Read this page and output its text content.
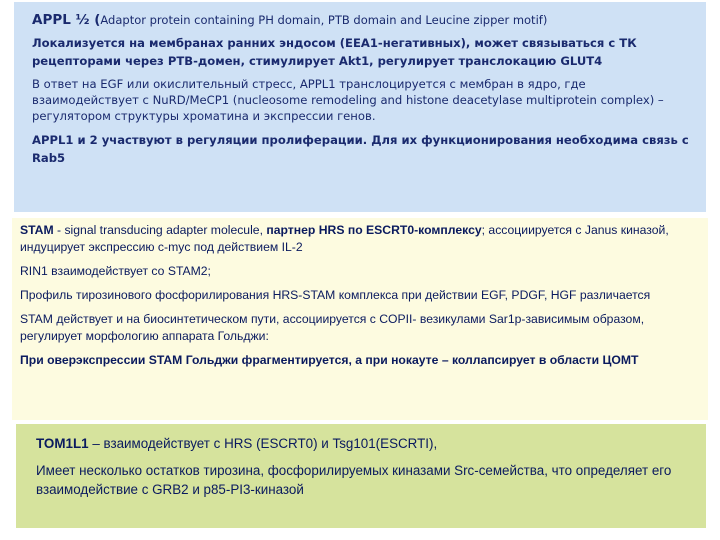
APPL ½ (Adaptor protein containing PH domain, PTB domain and Leucine zipper motif)

Локализуется на мембранах ранних эндосом (EEA1-негативных), может связываться с ТК рецепторами через PTB-домен, стимулирует Akt1, регулирует транслокацию GLUT4

В ответ на EGF или окислительный стресс, APPL1 транслоцируется с мембран в ядро, где взаимодействует с NuRD/MeCP1 (nucleosome remodeling and histone deacetylase multiprotein complex) – регулятором структуры хроматина и экспрессии генов.

APPL1 и 2 участвуют в регуляции пролиферации. Для их функционирования необходима связь с Rab5

STAM - signal transducing adapter molecule, партнер HRS по ESCRT0-комплексу; ассоциируется с Janus киназой, индуцирует экспрессию c-myc под действием IL-2

RIN1 взаимодействует со STAM2;

Профиль тирозинового фосфорилирования HRS-STAM комплекса при действии EGF, PDGF, HGF различается

STAM действует и на биосинтетическом пути, ассоциируется с COPII- везикулами Sar1p-зависимым образом, регулирует морфологию аппарата Гольджи:

При оверэкспрессии STAM Гольджи фрагментируется, а при нокауте – коллапсирует в области ЦОМТ

TOM1L1 – взаимодействует с HRS (ESCRT0) и Tsg101(ESCRTI),

Имеет несколько остатков тирозина, фосфорилируемых киназами Src-семейства, что определяет его взаимодействие с GRB2 и p85-PI3-киназой
